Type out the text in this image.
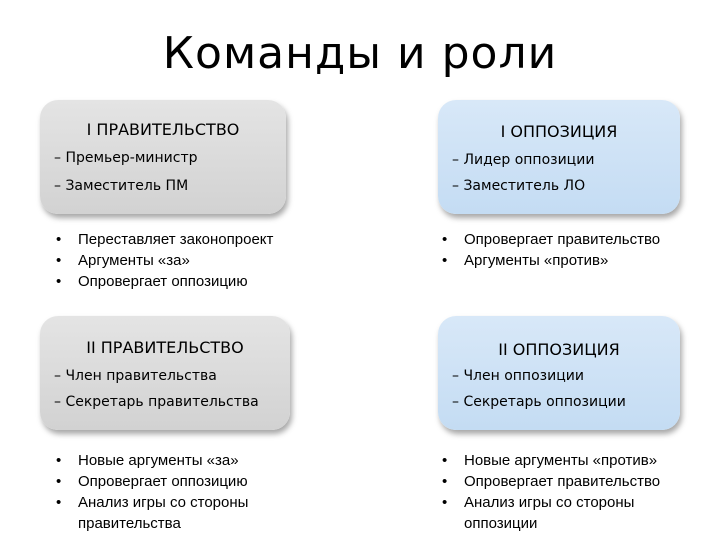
Команды и роли
I ПРАВИТЕЛЬСТВО
– Премьер-министр
– Заместитель ПМ
• Переставляет законопроект
• Аргументы «за»
• Опровергает оппозицию
I ОППОЗИЦИЯ
– Лидер оппозиции
– Заместитель ЛО
• Опровергает правительство
• Аргументы «против»
II ПРАВИТЕЛЬСТВО
– Член правительства
– Секретарь правительства
• Новые аргументы «за»
• Опровергает оппозицию
• Анализ игры со стороны правительства
II ОППОЗИЦИЯ
– Член оппозиции
– Секретарь оппозиции
• Новые аргументы «против»
• Опровергает правительство
• Анализ игры со стороны оппозиции
